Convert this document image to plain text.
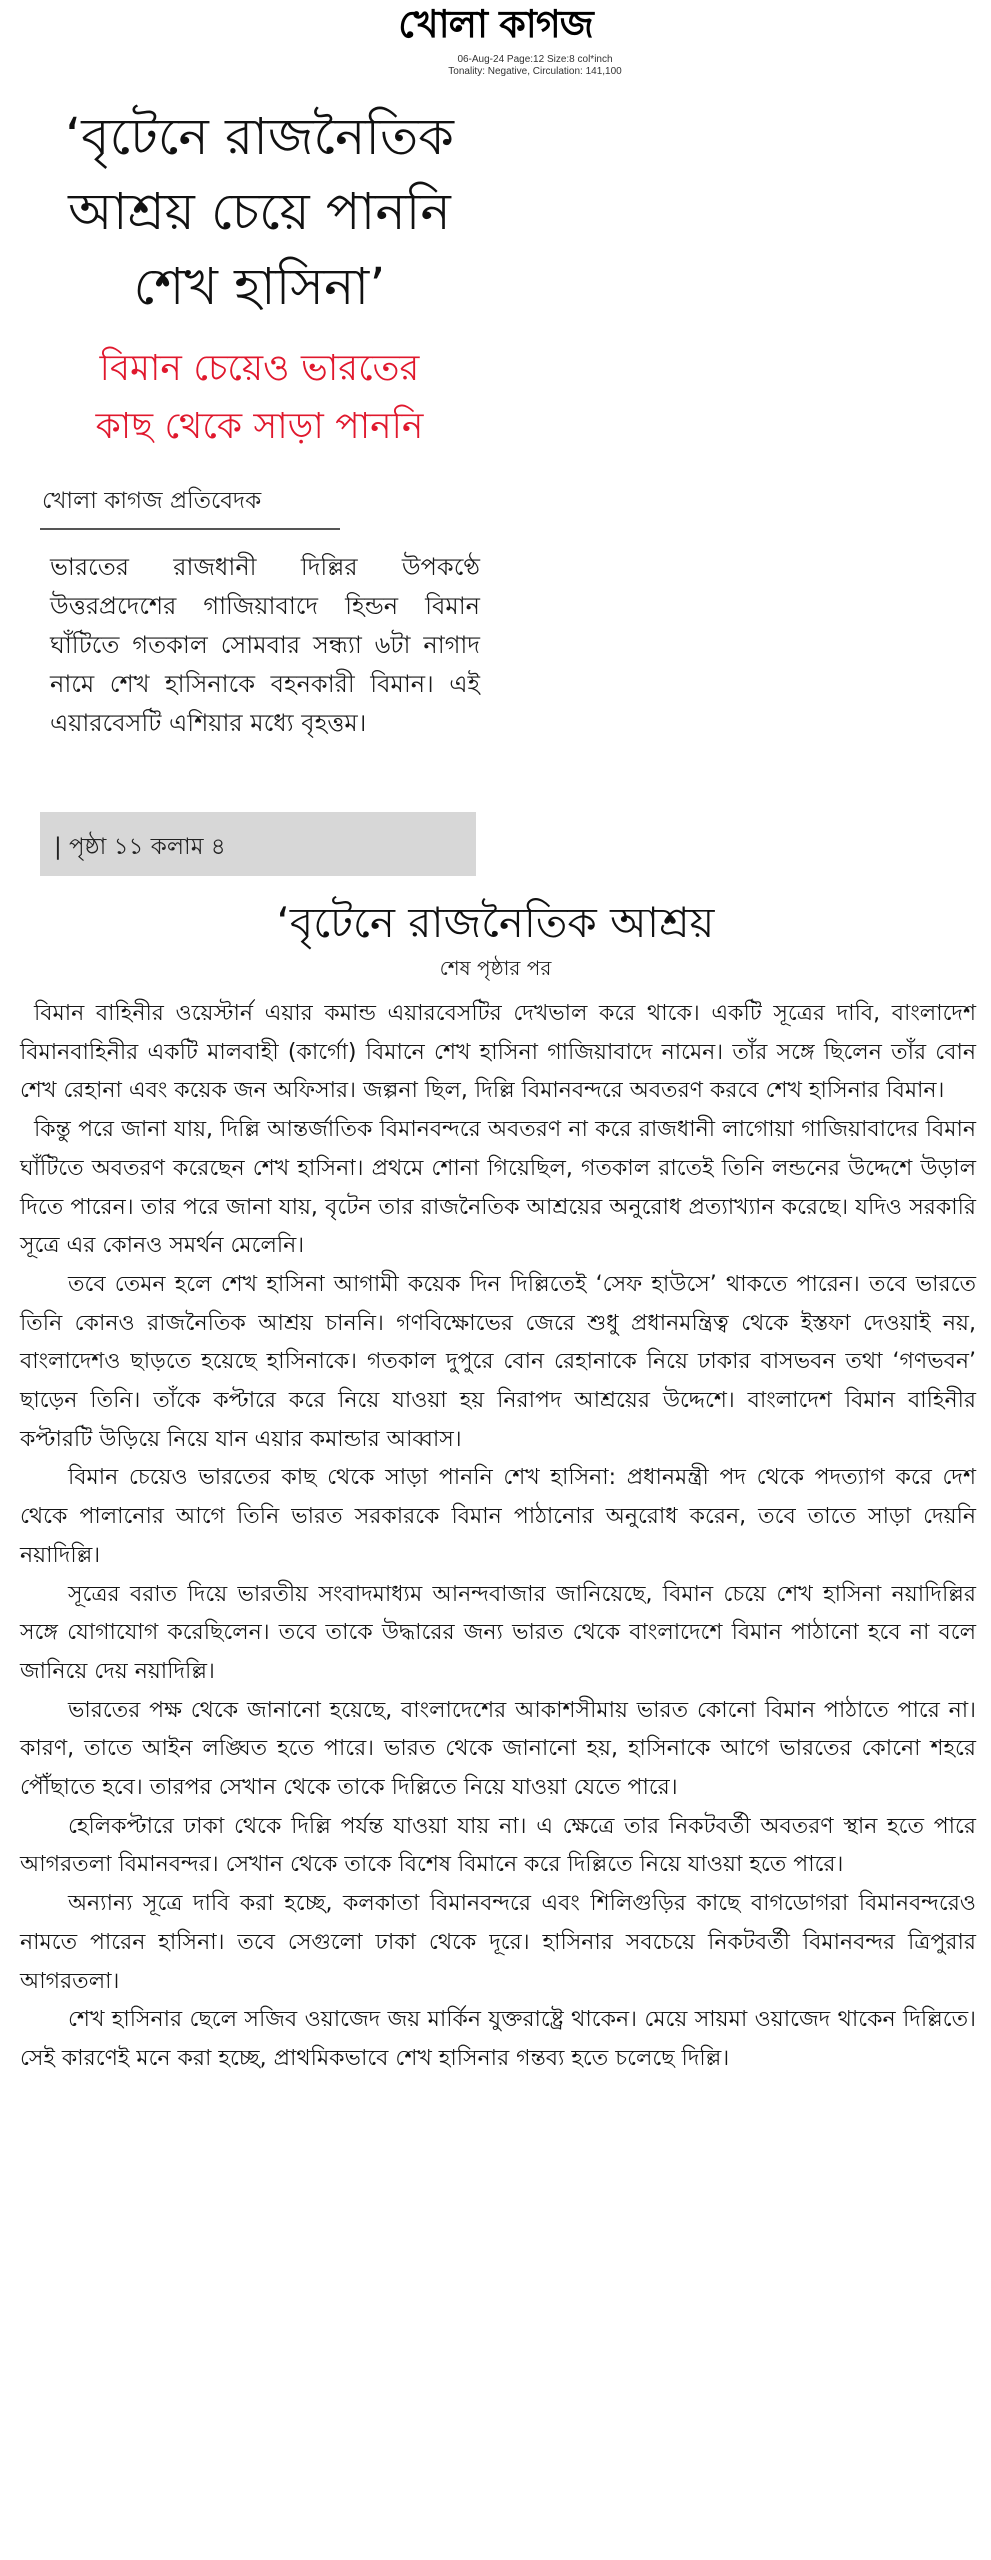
খোলা কাগজ
06-Aug-24 Page:12 Size:8 col*inch
Tonality: Negative, Circulation: 141,100
‘বৃটেনে রাজনৈতিক
আশ্রয় চেয়ে পাননি
শেখ হাসিনা’
বিমান চেয়েও ভারতের
কাছ থেকে সাড়া পাননি
খোলা কাগজ প্রতিবেদক
ভারতের রাজধানী দিল্লির উপকণ্ঠে উত্তরপ্রদেশের গাজিয়াবাদে হিন্ডন বিমান ঘাঁটিতে গতকাল সোমবার সন্ধ্যা ৬টা নাগাদ নামে শেখ হাসিনাকে বহনকারী বিমান। এই এয়ারবেসটি এশিয়ার মধ্যে বৃহত্তম।
| পৃষ্ঠা ১১ কলাম ৪
‘বৃটেনে রাজনৈতিক আশ্রয়
শেষ পৃষ্ঠার পর

বিমান বাহিনীর ওয়েস্টার্ন এয়ার কমান্ড এয়ারবেসটির দেখভাল করে থাকে। একটি সূত্রের দাবি, বাংলাদেশ বিমানবাহিনীর একটি মালবাহী (কার্গো) বিমানে শেখ হাসিনা গাজিয়াবাদে নামেন। তাঁর সঙ্গে ছিলেন তাঁর বোন শেখ রেহানা এবং কয়েক জন অফিসার। জল্পনা ছিল, দিল্লি বিমানবন্দরে অবতরণ করবে শেখ হাসিনার বিমান।

কিন্তু পরে জানা যায়, দিল্লি আন্তর্জাতিক বিমানবন্দরে অবতরণ না করে রাজধানী লাগোয়া গাজিয়াবাদের বিমান ঘাঁটিতে অবতরণ করেছেন শেখ হাসিনা। প্রথমে শোনা গিয়েছিল, গতকাল রাতেই তিনি লন্ডনের উদ্দেশে উড়াল দিতে পারেন। তার পরে জানা যায়, বৃটেন তার রাজনৈতিক আশ্রয়ের অনুরোধ প্রত্যাখ্যান করেছে। যদিও সরকারি সূত্রে এর কোনও সমর্থন মেলেনি।

তবে তেমন হলে শেখ হাসিনা আগামী কয়েক দিন দিল্লিতেই ‘সেফ হাউসে’ থাকতে পারেন। তবে ভারতে তিনি কোনও রাজনৈতিক আশ্রয় চাননি। গণবিক্ষোভের জেরে শুধু প্রধানমন্ত্রিত্ব থেকে ইস্তফা দেওয়াই নয়, বাংলাদেশও ছাড়তে হয়েছে হাসিনাকে। গতকাল দুপুরে বোন রেহানাকে নিয়ে ঢাকার বাসভবন তথা ‘গণভবন’ ছাড়েন তিনি। তাঁকে কপ্টারে করে নিয়ে যাওয়া হয় নিরাপদ আশ্রয়ের উদ্দেশে। বাংলাদেশ বিমান বাহিনীর কপ্টারটি উড়িয়ে নিয়ে যান এয়ার কমান্ডার আব্বাস।

বিমান চেয়েও ভারতের কাছ থেকে সাড়া পাননি শেখ হাসিনা: প্রধানমন্ত্রী পদ থেকে পদত্যাগ করে দেশ থেকে পালানোর আগে তিনি ভারত সরকারকে বিমান পাঠানোর অনুরোধ করেন, তবে তাতে সাড়া দেয়নি নয়াদিল্লি।

সূত্রের বরাত দিয়ে ভারতীয় সংবাদমাধ্যম আনন্দবাজার জানিয়েছে, বিমান চেয়ে শেখ হাসিনা নয়াদিল্লির সঙ্গে যোগাযোগ করেছিলেন। তবে তাকে উদ্ধারের জন্য ভারত থেকে বাংলাদেশে বিমান পাঠানো হবে না বলে জানিয়ে দেয় নয়াদিল্লি।

ভারতের পক্ষ থেকে জানানো হয়েছে, বাংলাদেশের আকাশসীমায় ভারত কোনো বিমান পাঠাতে পারে না। কারণ, তাতে আইন লঙ্ঘিত হতে পারে। ভারত থেকে জানানো হয়, হাসিনাকে আগে ভারতের কোনো শহরে পৌঁছাতে হবে। তারপর সেখান থেকে তাকে দিল্লিতে নিয়ে যাওয়া যেতে পারে।

হেলিকপ্টারে ঢাকা থেকে দিল্লি পর্যন্ত যাওয়া যায় না। এ ক্ষেত্রে তার নিকটবর্তী অবতরণ স্থান হতে পারে আগরতলা বিমানবন্দর। সেখান থেকে তাকে বিশেষ বিমানে করে দিল্লিতে নিয়ে যাওয়া হতে পারে।

অন্যান্য সূত্রে দাবি করা হচ্ছে, কলকাতা বিমানবন্দরে এবং শিলিগুড়ির কাছে বাগডোগরা বিমানবন্দরেও নামতে পারেন হাসিনা। তবে সেগুলো ঢাকা থেকে দূরে। হাসিনার সবচেয়ে নিকটবর্তী বিমানবন্দর ত্রিপুরার আগরতলা।

শেখ হাসিনার ছেলে সজিব ওয়াজেদ জয় মার্কিন যুক্তরাষ্ট্রে থাকেন। মেয়ে সায়মা ওয়াজেদ থাকেন দিল্লিতে। সেই কারণেই মনে করা হচ্ছে, প্রাথমিকভাবে শেখ হাসিনার গন্তব্য হতে চলেছে দিল্লি।
